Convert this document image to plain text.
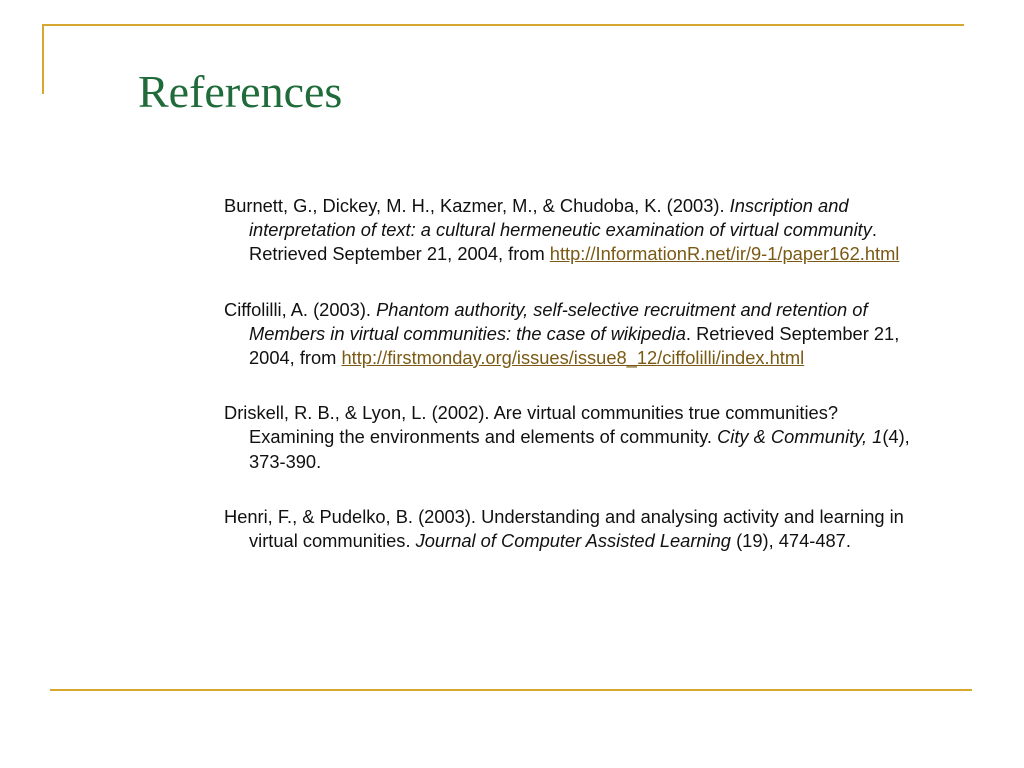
References

Burnett, G., Dickey, M. H., Kazmer, M., & Chudoba, K. (2003). Inscription and interpretation of text: a cultural hermeneutic examination of virtual community. Retrieved September 21, 2004, from http://InformationR.net/ir/9-1/paper162.html

Ciffolilli, A. (2003). Phantom authority, self-selective recruitment and retention of Members in virtual communities: the case of wikipedia. Retrieved September 21, 2004, from http://firstmonday.org/issues/issue8_12/ciffolilli/index.html

Driskell, R. B., & Lyon, L. (2002). Are virtual communities true communities? Examining the environments and elements of community. City & Community, 1(4), 373-390.

Henri, F., & Pudelko, B. (2003). Understanding and analysing activity and learning in virtual communities. Journal of Computer Assisted Learning (19), 474-487.
